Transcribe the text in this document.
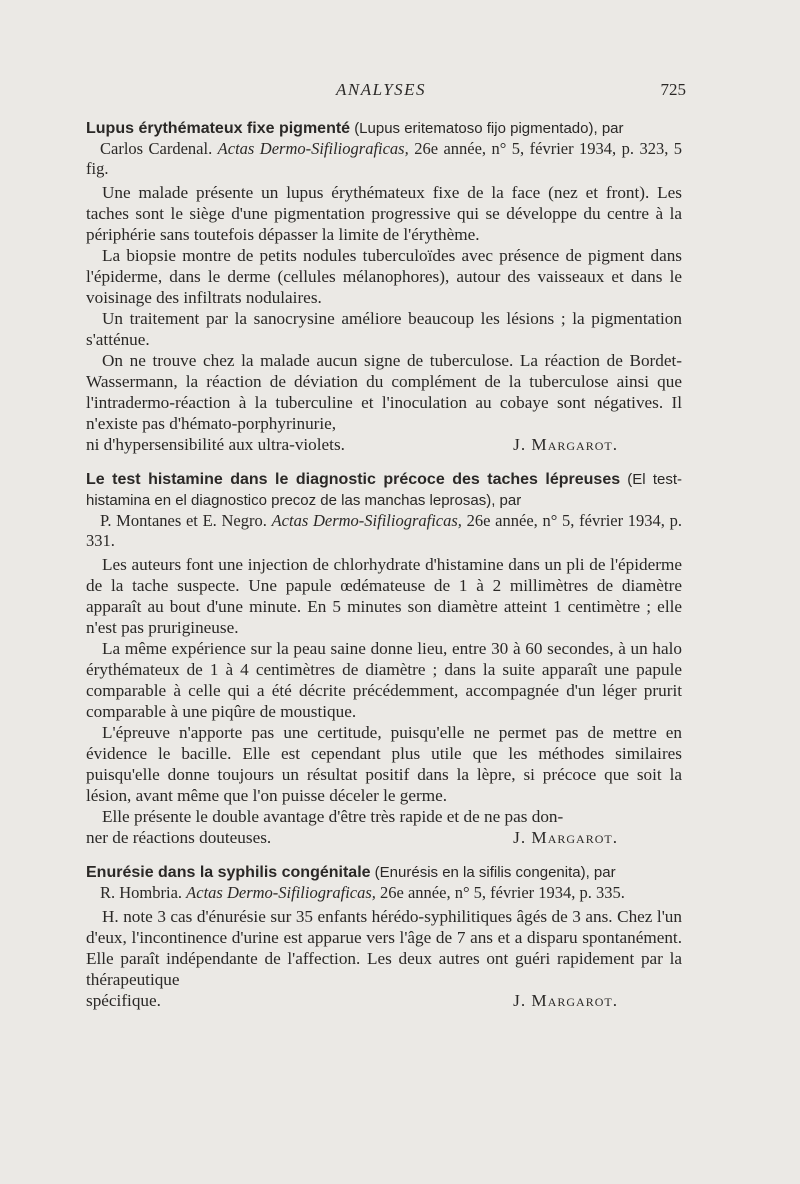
ANALYSES	725

Lupus érythémateux fixe pigmenté (Lupus eritematoso fijo pigmentado), par
Carlos Cardenal. Actas Dermo-Sifiliograficas, 26e année, n° 5, février 1934, p. 323, 5 fig.

Une malade présente un lupus érythémateux fixe de la face (nez et front). Les taches sont le siège d'une pigmentation progressive qui se développe du centre à la périphérie sans toutefois dépasser la limite de l'érythème.

La biopsie montre de petits nodules tuberculoïdes avec présence de pigment dans l'épiderme, dans le derme (cellules mélanophores), autour des vaisseaux et dans le voisinage des infiltrats nodulaires.

Un traitement par la sanocrysine améliore beaucoup les lésions ; la pigmentation s'atténue.

On ne trouve chez la malade aucun signe de tuberculose. La réaction de Bordet-Wassermann, la réaction de déviation du complément de la tuberculose ainsi que l'intradermo-réaction à la tuberculine et l'inoculation au cobaye sont négatives. Il n'existe pas d'hémato-porphyrinurie,

ni d'hypersensibilité aux ultra-violets.	J. Margarot.

Le test histamine dans le diagnostic précoce des taches lépreuses (El test-histamina en el diagnostico precoz de las manchas leprosas), par
P. Montanes et E. Negro. Actas Dermo-Sifiliograficas, 26e année, n° 5, février 1934, p. 331.

Les auteurs font une injection de chlorhydrate d'histamine dans un pli de l'épiderme de la tache suspecte. Une papule œdémateuse de 1 à 2 millimètres de diamètre apparaît au bout d'une minute. En 5 minutes son diamètre atteint 1 centimètre ; elle n'est pas prurigineuse.

La même expérience sur la peau saine donne lieu, entre 30 à 60 secondes, à un halo érythémateux de 1 à 4 centimètres de diamètre ; dans la suite apparaît une papule comparable à celle qui a été décrite précédemment, accompagnée d'un léger prurit comparable à une piqûre de moustique.

L'épreuve n'apporte pas une certitude, puisqu'elle ne permet pas de mettre en évidence le bacille. Elle est cependant plus utile que les méthodes similaires puisqu'elle donne toujours un résultat positif dans la lèpre, si précoce que soit la lésion, avant même que l'on puisse déceler le germe.

Elle présente le double avantage d'être très rapide et de ne pas don-

ner de réactions douteuses.	J. Margarot.

Enurésie dans la syphilis congénitale (Enurésis en la sifilis congenita), par
R. Hombria. Actas Dermo-Sifiliograficas, 26e année, n° 5, février 1934, p. 335.

H. note 3 cas d'énurésie sur 35 enfants hérédo-syphilitiques âgés de 3 ans. Chez l'un d'eux, l'incontinence d'urine est apparue vers l'âge de 7 ans et a disparu spontanément. Elle paraît indépendante de l'affection. Les deux autres ont guéri rapidement par la thérapeutique

spécifique.	J. Margarot.
